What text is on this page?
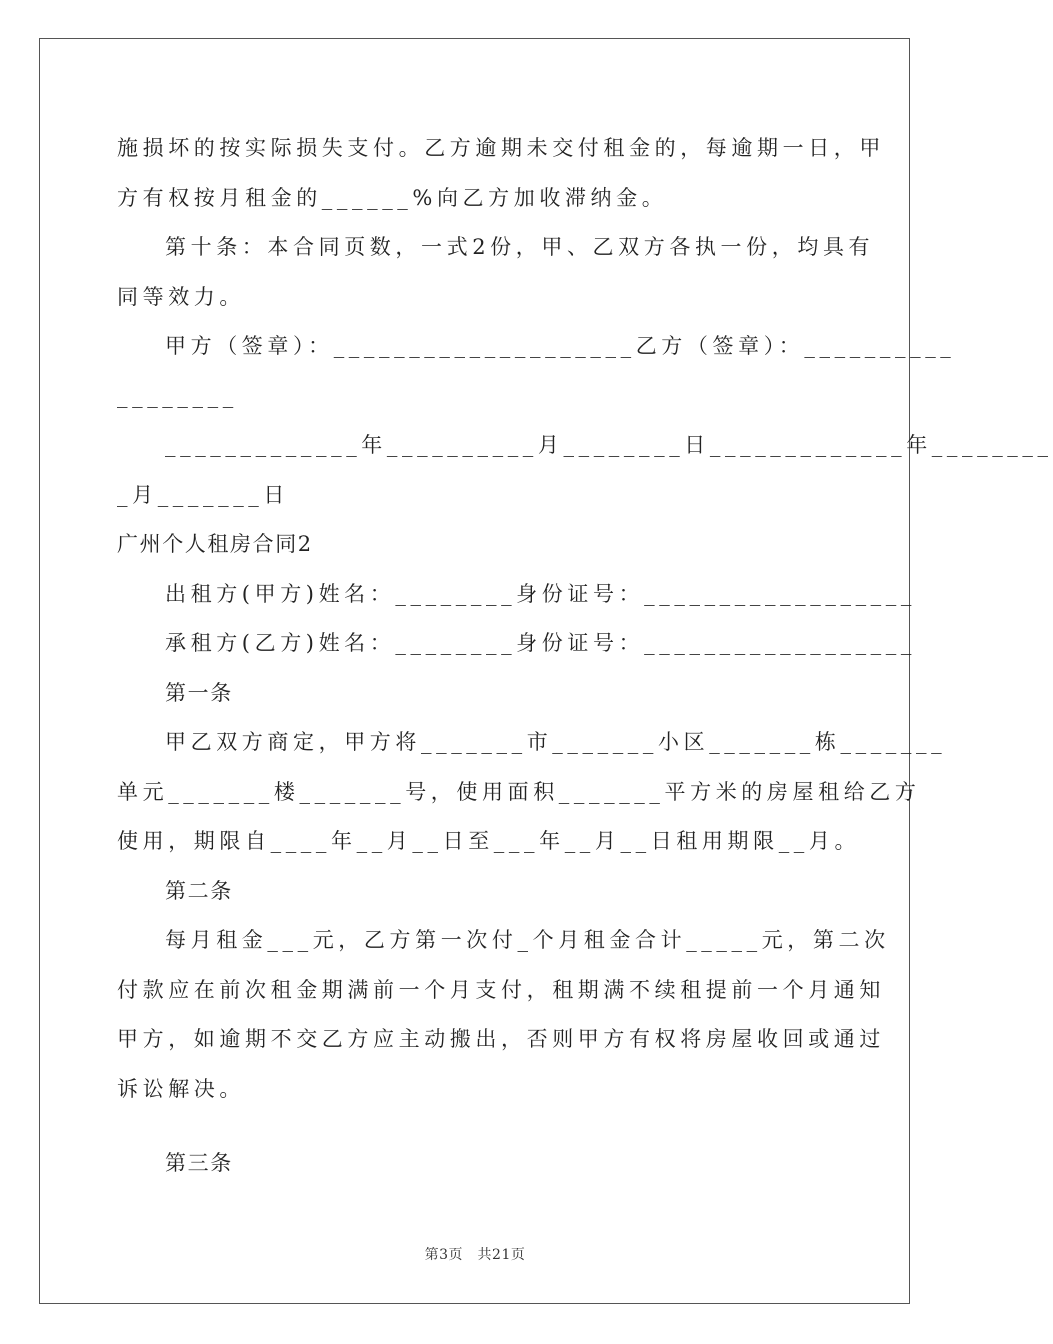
施损坏的按实际损失支付。乙方逾期未交付租金的，每逾期一日，甲
方有权按月租金的______%向乙方加收滞纳金。
第十条：本合同页数，一式2份，甲、乙双方各执一份，均具有
同等效力。
甲方（签章）：____________________乙方（签章）：__________
________
_____________年__________月________日_____________年________
_月_______日
广州个人租房合同2
出租方(甲方)姓名：________身份证号：__________________
承租方(乙方)姓名：________身份证号：__________________
第一条
甲乙双方商定，甲方将_______市_______小区_______栋_______
单元_______楼_______号，使用面积_______平方米的房屋租给乙方
使用，期限自____年__月__日至___年__月__日租用期限__月。
第二条
每月租金___元，乙方第一次付_个月租金合计_____元，第二次
付款应在前次租金期满前一个月支付，租期满不续租提前一个月通知
甲方，如逾期不交乙方应主动搬出，否则甲方有权将房屋收回或通过
诉讼解决。
第三条
第3页　共21页
